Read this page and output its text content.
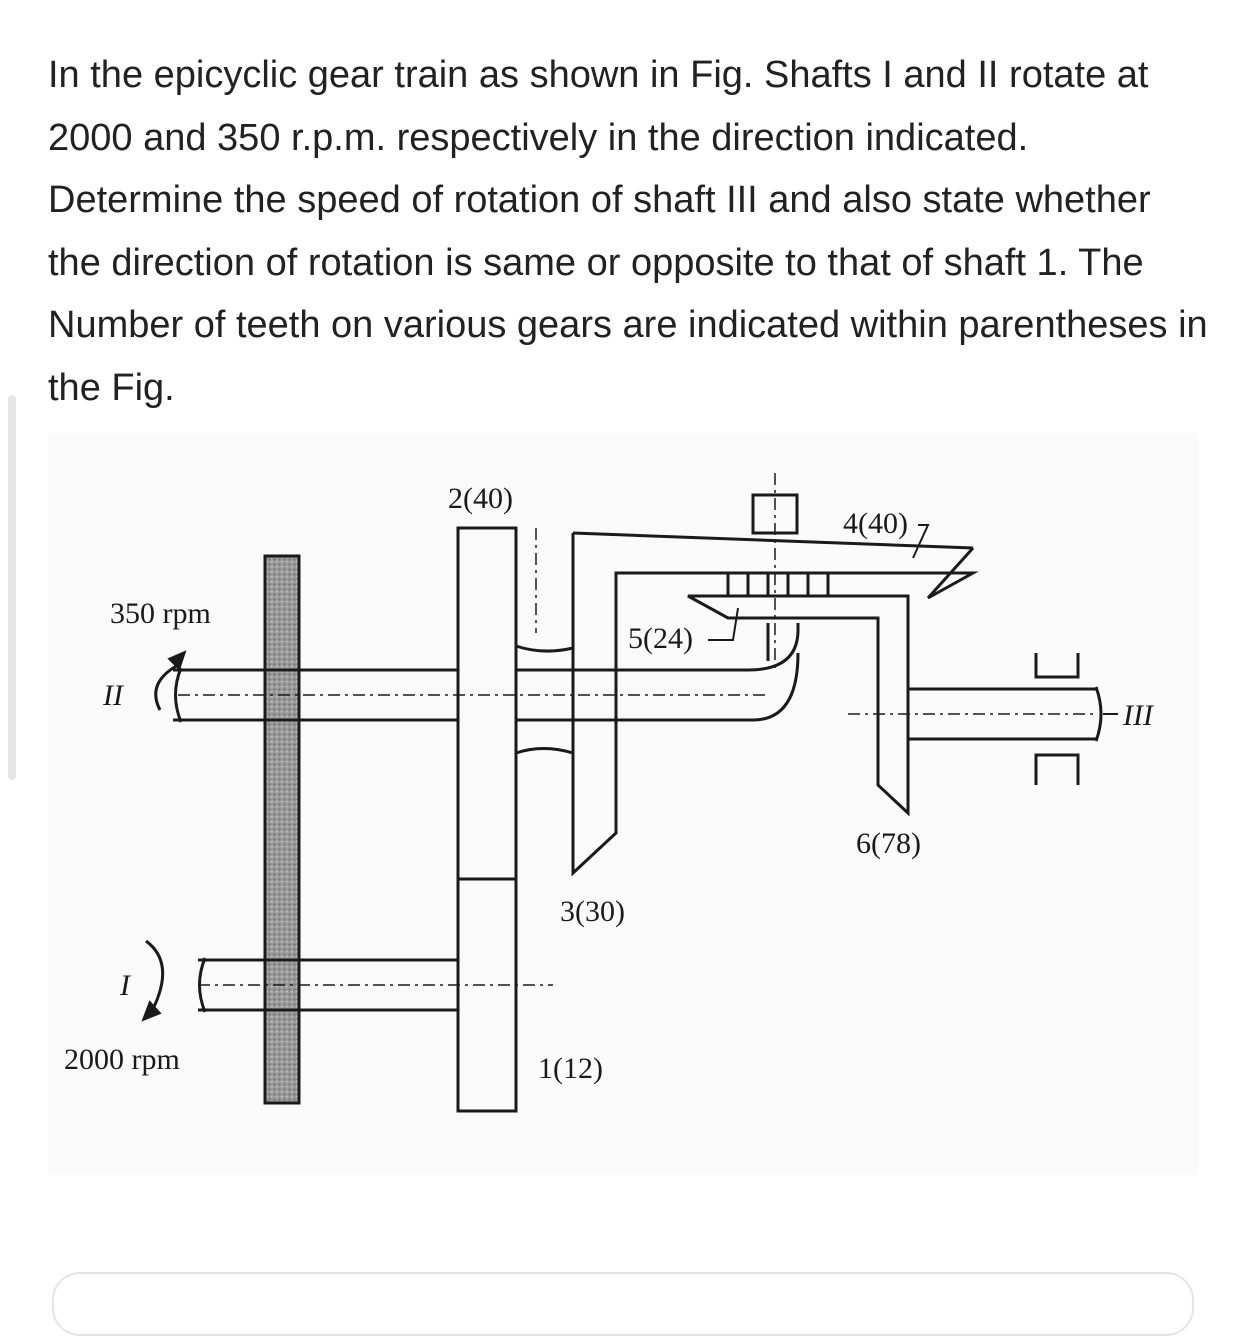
In the epicyclic gear train as shown in Fig. Shafts I and II rotate at 2000 and 350 r.p.m. respectively in the direction indicated. Determine the speed of rotation of shaft III and also state whether the direction of rotation is same or opposite to that of shaft 1. The Number of teeth on various gears are indicated within parentheses in the Fig.

2(40)
4(40)
5(24)
6(78)
3(30)
1(12)
350 rpm
2000 rpm
II
I
III
